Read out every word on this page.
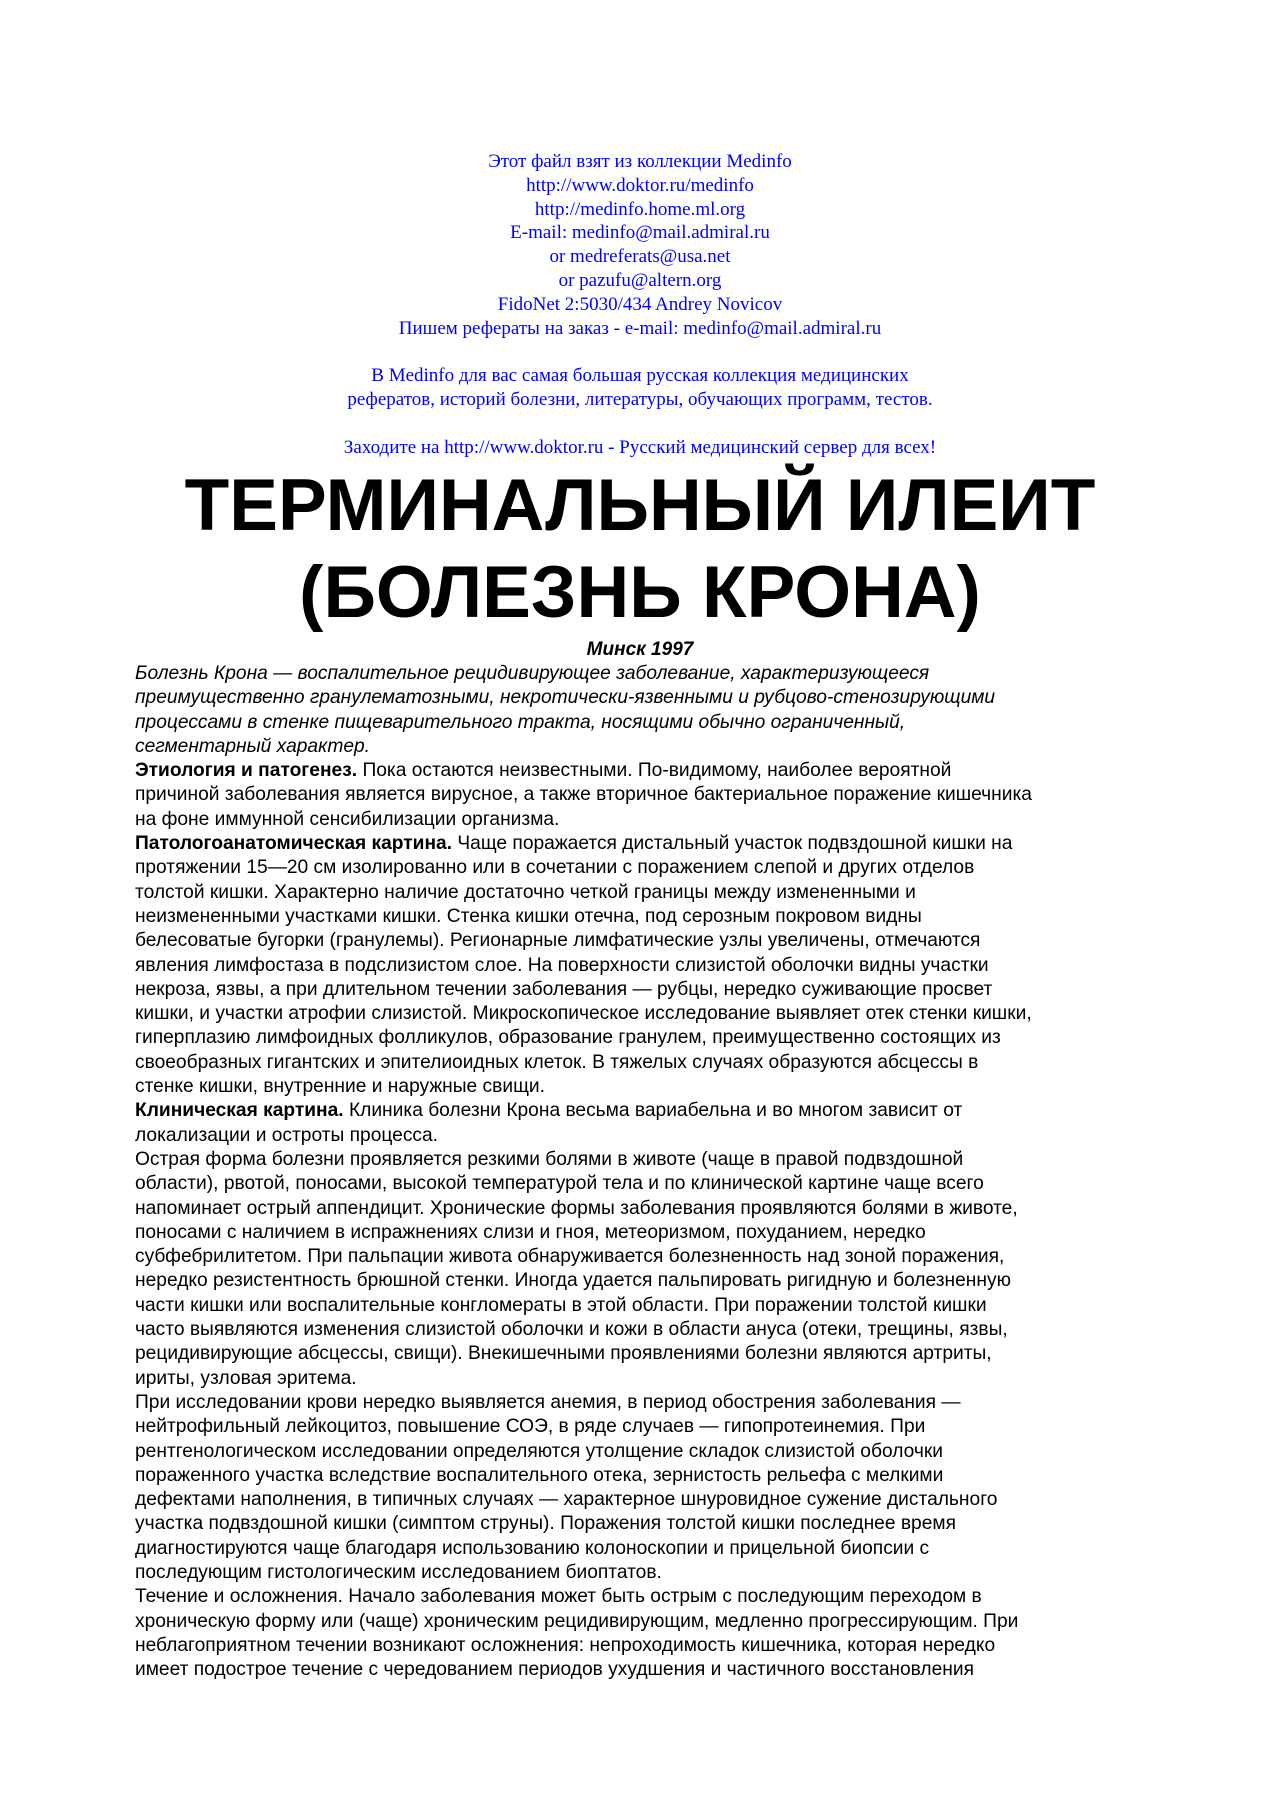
Этот файл взят из коллекции Medinfo
http://www.doktor.ru/medinfo
http://medinfo.home.ml.org
E-mail: medinfo@mail.admiral.ru
or medreferats@usa.net
or pazufu@altern.org
FidoNet 2:5030/434 Andrey Novicov
Пишем рефераты на заказ - e-mail: medinfo@mail.admiral.ru
В Medinfo для вас самая большая русская коллекция медицинских
рефератов, историй болезни, литературы, обучающих программ, тестов.
Заходите на http://www.doktor.ru - Русский медицинский сервер для всех!
ТЕРМИНАЛЬНЫЙ ИЛЕИТ
(БОЛЕЗНЬ КРОНА)
Минск 1997
Болезнь Крона — воспалительное рецидивирующее заболевание, характеризующееся
преимущественно гранулематозными, некротически-язвенными и рубцово-стенозирующими
процессами в стенке пищеварительного тракта, носящими обычно ограниченный,
сегментарный характер.
Этиология и патогенез. Пока остаются неизвестными. По-видимому, наиболее вероятной
причиной заболевания является вирусное, а также вторичное бактериальное поражение кишечника
на фоне иммунной сенсибилизации организма.
Патологоанатомическая картина. Чаще поражается дистальный участок подвздошной кишки на
протяжении 15—20 см изолированно или в сочетании с поражением слепой и других отделов
толстой кишки. Характерно наличие достаточно четкой границы между измененными и
неизмененными участками кишки. Стенка кишки отечна, под серозным покровом видны
белесоватые бугорки (гранулемы). Регионарные лимфатические узлы увеличены, отмечаются
явления лимфостаза в подслизистом слое. На поверхности слизистой оболочки видны участки
некроза, язвы, а при длительном течении заболевания — рубцы, нередко суживающие просвет
кишки, и участки атрофии слизистой. Микроскопическое исследование выявляет отек стенки кишки,
гиперплазию лимфоидных фолликулов, образование гранулем, преимущественно состоящих из
своеобразных гигантских и эпителиоидных клеток. В тяжелых случаях образуются абсцессы в
стенке кишки, внутренние и наружные свищи.
Клиническая картина. Клиника болезни Крона весьма вариабельна и во многом зависит от
локализации и остроты процесса.
Острая форма болезни проявляется резкими болями в животе (чаще в правой подвздошной
области), рвотой, поносами, высокой температурой тела и по клинической картине чаще всего
напоминает острый аппендицит. Хронические формы заболевания проявляются болями в животе,
поносами с наличием в испражнениях слизи и гноя, метеоризмом, похуданием, нередко
субфебрилитетом. При пальпации живота обнаруживается болезненность над зоной поражения,
нередко резистентность брюшной стенки. Иногда удается пальпировать ригидную и болезненную
части кишки или воспалительные конгломераты в этой области. При поражении толстой кишки
часто выявляются изменения слизистой оболочки и кожи в области ануса (отеки, трещины, язвы,
рецидивирующие абсцессы, свищи). Внекишечными проявлениями болезни являются артриты,
ириты, узловая эритема.
При исследовании крови нередко выявляется анемия, в период обострения заболевания —
нейтрофильный лейкоцитоз, повышение СОЭ, в ряде случаев — гипопротеинемия. При
рентгенологическом исследовании определяются утолщение складок слизистой оболочки
пораженного участка вследствие воспалительного отека, зернистость рельефа с мелкими
дефектами наполнения, в типичных случаях — характерное шнуровидное сужение дистального
участка подвздошной кишки (симптом струны). Поражения толстой кишки последнее время
диагностируются чаще благодаря использованию колоноскопии и прицельной биопсии с
последующим гистологическим исследованием биоптатов.
Течение и осложнения. Начало заболевания может быть острым с последующим переходом в
хроническую форму или (чаще) хроническим рецидивирующим, медленно прогрессирующим. При
неблагоприятном течении возникают осложнения: непроходимость кишечника, которая нередко
имеет подострое течение с чередованием периодов ухудшения и частичного восстановления
